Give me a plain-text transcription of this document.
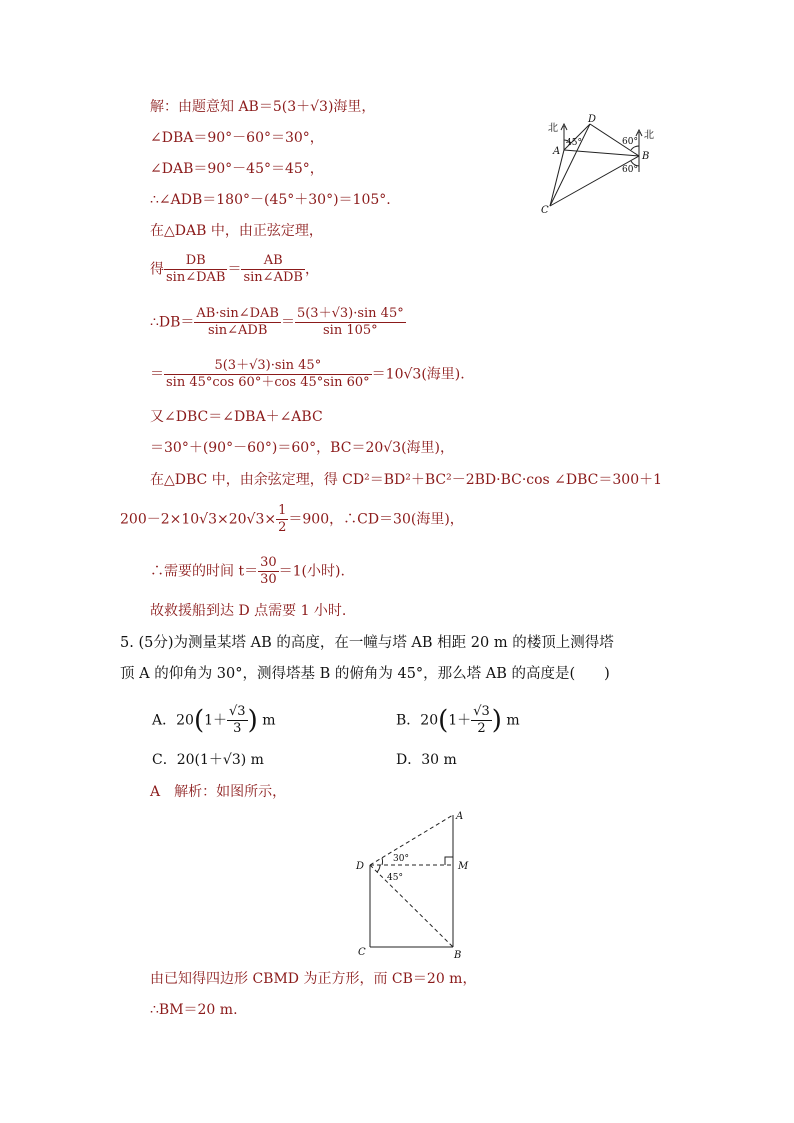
解：由题意知 AB＝5(3＋√3)海里，
∠DBA＝90°－60°＝30°，
∠DAB＝90°－45°＝45°，
∴∠ADB＝180°－(45°＋30°)＝105°.
在△DAB 中，由正弦定理，
得 $\frac{DB}{\text{sin∠DAB}} = \frac{AB}{\text{sin∠ADB}}$ ，
∴DB＝ $\frac{\text{AB·sin∠DAB}}{\text{sin∠ADB}} = \frac{5(3+√3)\cdot\sin 45^\circ}{\sin 105^\circ}$
＝ $\frac{5(3+√3)\cdot\sin 45^\circ}{\sin 45^\circ\cos 60^\circ+\cos 45^\circ\sin 60^\circ} =10√3$(海里).
又∠DBC＝∠DBA＋∠ABC
＝30°＋(90°－60°)＝60°，BC＝20√3(海里)，
在△DBC 中，由余弦定理，得 CD²＝BD²＋BC²－2BD·BC·cos ∠DBC＝300＋1
$200-2\times 10√3\times 20√3\times \frac{1}{2} =900$，∴CD＝30(海里)，
∴需要的时间 $t= \frac{30}{30} =1$(小时).
故救援船到达 D 点需要 1 小时.
北
北
D
A	B
C
45°	60°
60°
5. (5分)为测量某塔 AB 的高度，在一幢与塔 AB 相距 20 m 的楼顶上测得塔
顶 A 的仰角为 30°，测得塔基 B 的俯角为 45°，那么塔 AB 的高度是(　　)
A．$20(1+ \frac{√3}{3}$ ) m	B．$20(1+ \frac{√3}{2}$ ) m
C．20(1＋√3) m	D．30 m
A　解析：如图所示，
A
M
D
C	B
30°
45°
由已知得四边形 CBMD 为正方形，而 CB＝20 m，
∴BM＝20 m.
